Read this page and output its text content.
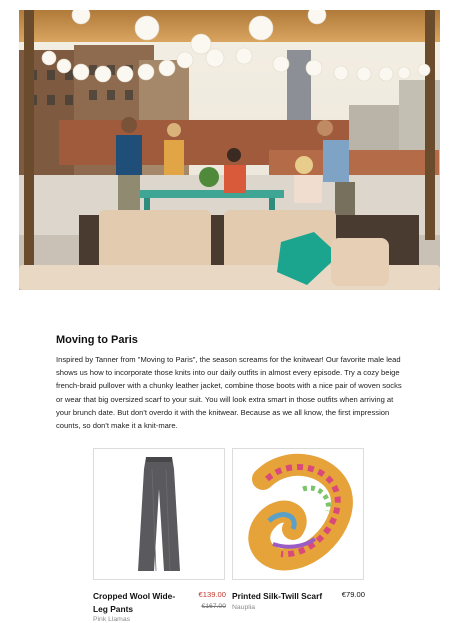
Moving to Paris

Inspired by Tanner from "Moving to Paris", the season screams for the knitwear! Our favorite male lead shows us how to incorporate those knits into our daily outfits in almost every episode. Try a cozy beige french-braid pullover with a chunky leather jacket, combine those boots with a nice pair of woven socks or wear that big oversized scarf to your suit. You will look extra smart in those outfits when arriving at your brunch date. But don't overdo it with the knitwear. Because as we all know, the first impression counts, so don't make it a knit-mare.

Cropped Wool Wide-Leg Pants
Pink Llamas
€139.00
€167.00
Printed Silk-Twill Scarf
Nauplia
€79.00
